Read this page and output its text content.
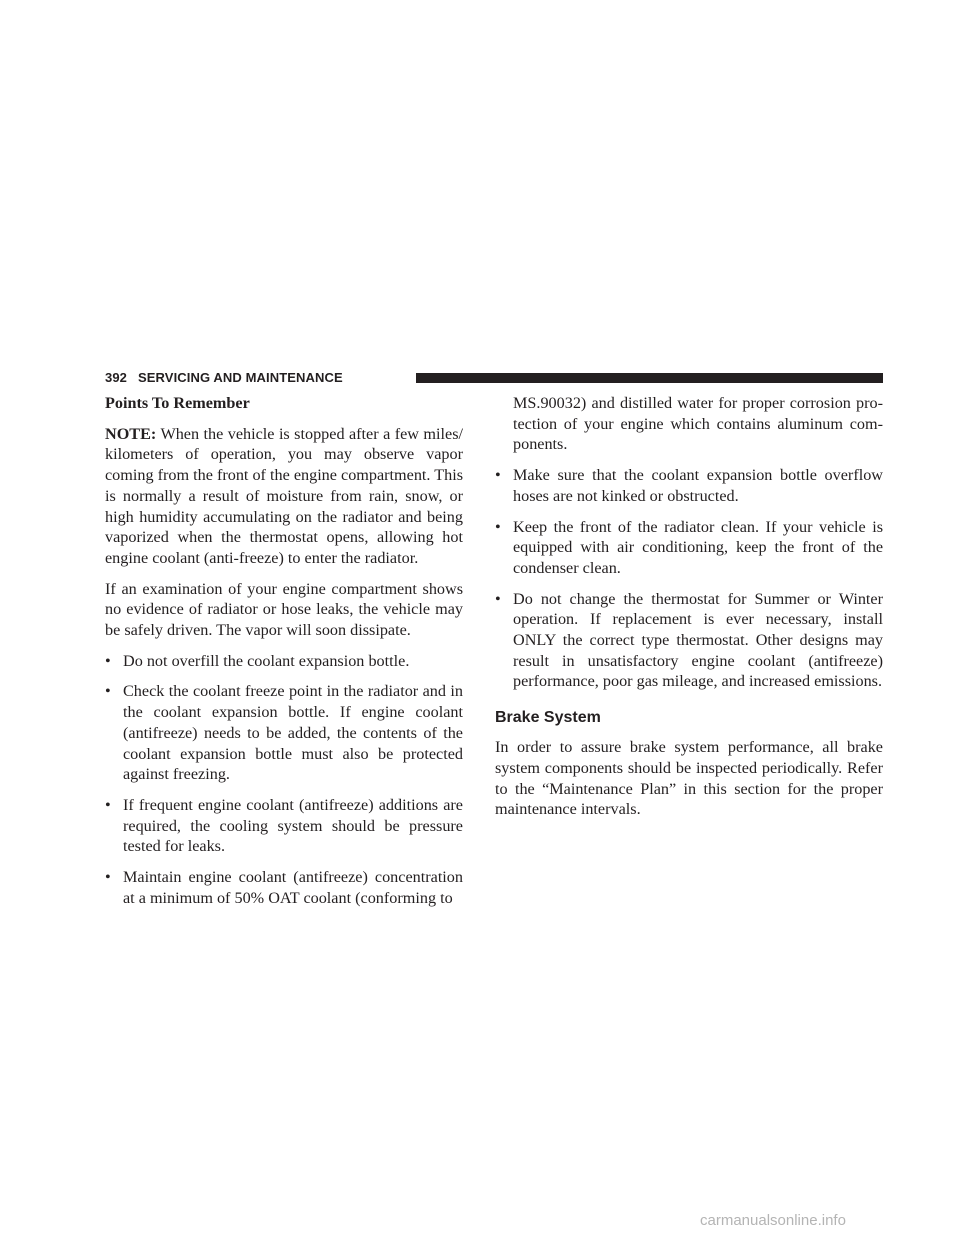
392 SERVICING AND MAINTENANCE
Points To Remember

NOTE: When the vehicle is stopped after a few miles/ kilometers of operation, you may observe vapor coming from the front of the engine compartment. This is normally a result of moisture from rain, snow, or high humidity accumulating on the radiator and being vaporized when the thermostat opens, allowing hot engine coolant (anti-freeze) to enter the radiator.

If an examination of your engine compartment shows no evidence of radiator or hose leaks, the vehicle may be safely driven. The vapor will soon dissipate.

• Do not overfill the coolant expansion bottle.
• Check the coolant freeze point in the radiator and in the coolant expansion bottle. If engine coolant (antifreeze) needs to be added, the contents of the coolant expansion bottle must also be protected against freezing.
• If frequent engine coolant (antifreeze) additions are required, the cooling system should be pressure tested for leaks.
• Maintain engine coolant (antifreeze) concentration at a minimum of 50% OAT coolant (conforming to
MS.90032) and distilled water for proper corrosion pro-tection of your engine which contains aluminum com-ponents.
• Make sure that the coolant expansion bottle overflow hoses are not kinked or obstructed.
• Keep the front of the radiator clean. If your vehicle is equipped with air conditioning, keep the front of the condenser clean.
• Do not change the thermostat for Summer or Winter operation. If replacement is ever necessary, install ONLY the correct type thermostat. Other designs may result in unsatisfactory engine coolant (antifreeze) performance, poor gas mileage, and increased emissions.
Brake System

In order to assure brake system performance, all brake system components should be inspected periodically. Refer to the “Maintenance Plan” in this section for the proper maintenance intervals.

carmanualsonline.info
